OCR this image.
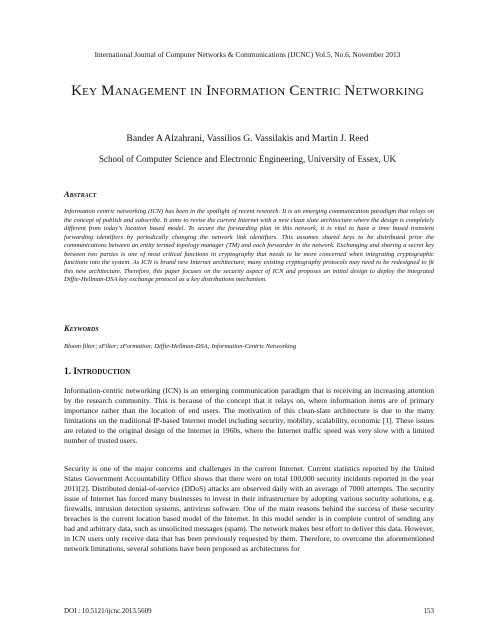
International Journal of Computer Networks & Communications (IJCNC) Vol.5, No.6, November 2013
Key Management in Information Centric Networking
Bander A Alzahrani, Vassilios G. Vassilakis and Martin J. Reed
School of Computer Science and Electronic Engineering, University of Essex, UK
Abstract
Information centric networking (ICN) has been in the spotlight of recent research. It is an emerging communication paradigm that relays on the concept of publish and subscribe. It aims to revise the current Internet with a new clean slate architecture where the design is completely different from today's location based model. To secure the forwarding plan in this network, it is vital to have a time based transient forwarding identifiers by periodically changing the network link identifiers. This assumes shared keys to be distributed prior the communications between an entity termed topology manager (TM) and each forwarder in the network. Exchanging and sharing a secret key between two parties is one of most critical functions in cryptography that needs to be more concerned when integrating cryptographic functions into the system. As ICN is brand new Internet architecture, many existing cryptography protocols may need to be redesigned to fit this new architecture. Therefore, this paper focuses on the security aspect of ICN and proposes an initial design to deploy the integrated Diffie-Hellman-DSA key exchange protocol as a key distributions mechanism.
Keywords
Bloom filter; zFilter; zFormation; Diffie-Hellman-DSA; Information-Centric Networking
1. Introduction
Information-centric networking (ICN) is an emerging communication paradigm that is receiving an increasing attention by the research community. This is because of the concept that it relays on, where information items are of primary importance rather than the location of end users. The motivation of this clean-slate architecture is due to the many limitations on the traditional IP-based Internet model including security, mobility, scalability, economic [1]. These issues are related to the original design of the Internet in 1960s, where the Internet traffic speed was very slow with a limited number of trusted users.
Security is one of the major concerns and challenges in the current Internet. Current statistics reported by the United States Government Accountability Office shows that there were on total 100,000 security incidents reported in the year 2011[2]. Distributed denial-of-service (DDoS) attacks are observed daily with an average of 7000 attempts. The security issue of Internet has forced many businesses to invest in their infrastructure by adopting various security solutions, e.g. firewalls, intrusion detection systems, antivirus software. One of the main reasons behind the success of these security breaches is the current location based model of the Internet. In this model sender is in complete control of sending any bad and arbitrary data, such as unsolicited messages (spam). The network makes best effort to deliver this data. However, in ICN users only receive data that has been previously requested by them. Therefore, to overcome the aforementioned network limitations, several solutions have been proposed as architectures for
DOI : 10.5121/ijcnc.2013.5609	153
